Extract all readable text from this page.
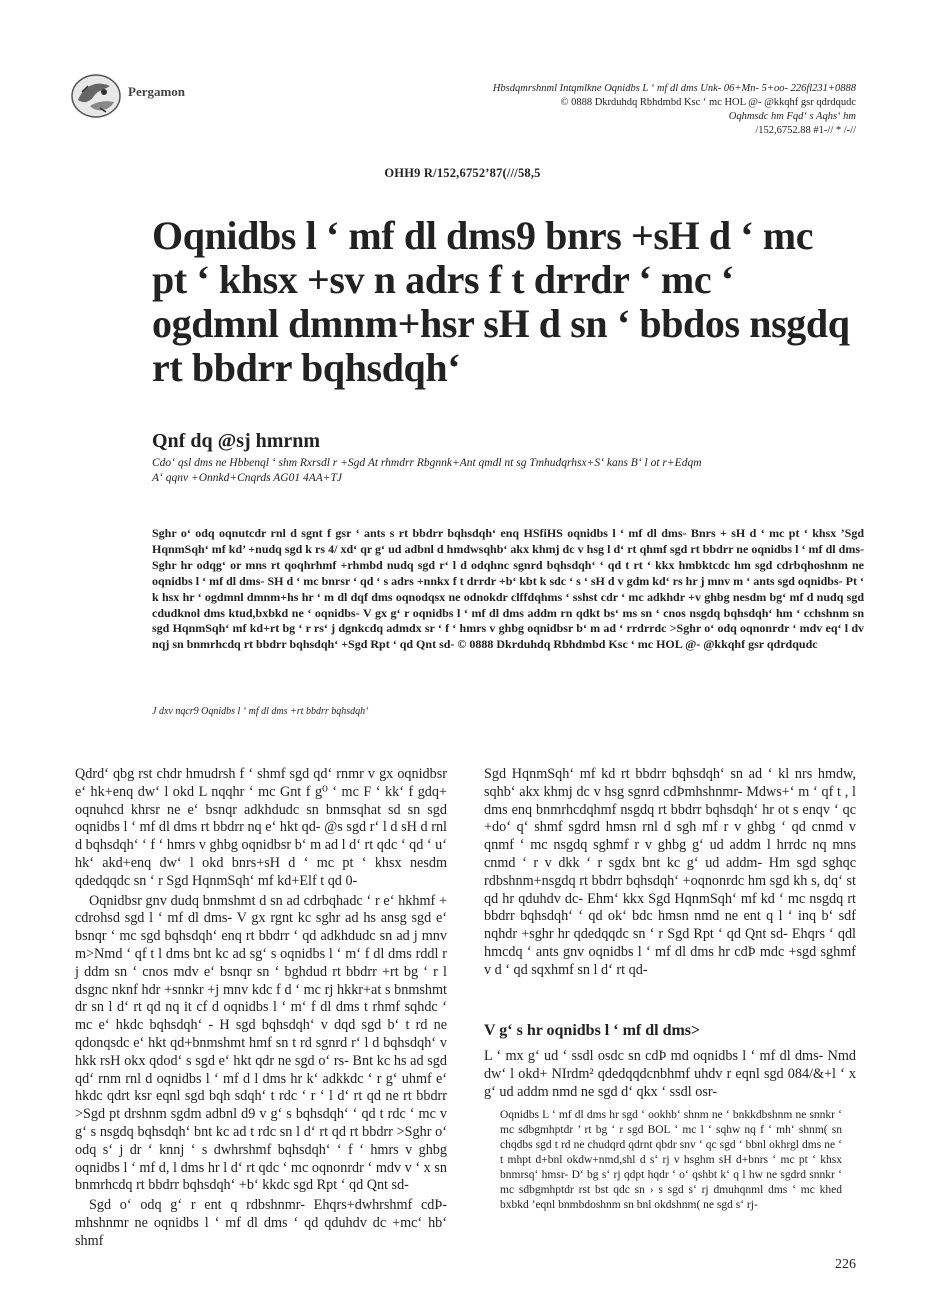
Pergamon	Hbsdqmrshnml Intqmlkne Oqnidbs L ‘ mf dl dms Unk- 06+Mn- 5+oo- 226fl231+0888
© 0888 Dkrduhdq Rbhdmbd Ksc ‘ mc HOL @- @kkqhf gsr qdrdqudc
Oqhmsdc hm Fqd‘ s Aqhs‘ hm
/152,6752.88 #1-// * /-//
OHH9 R/152,6752’87(///58,5
Oqnidbs l ‘ mf dl dms9 bnrs +sH d ‘ mc
pt ‘ khsx +sv n adrs f t drrdr ‘ mc ‘
ogdmnl dmnm+hsr sH d sn ‘ bbdos nsgdq
rt bbdrr bqhsdqh‘
Qnf dq @sj hmrnm
Cdo‘ qsl dms ne Hbbenql ‘ shm Rxrsdl r +Sgd At rhmdrr Rbgnnk+Ant qmdl nt sg Tmhudqrhsx+S‘ kans B‘ l ot r+Edqm
A‘ qqnv +Onnkd+Cnqrds AG01 4AA+TJ
Sghr o‘ odq oqnutcdr rnl d sgnt f gsr ‘ ants s rt bbdrr bqhsdqh‘ enq HSfiHS oqnidbs l ‘ mf dl dms- Bnrs + sH d ‘ mc pt ‘ khsx ’Sgd HqnmSqh‘ mf kd’ +nudq sgd k rs 4/ xd‘ qr g‘ ud adbnl d hmdwsqhb‘ akx khmj dc v hsg l d‘ rt qhmf sgd rt bbdrr ne oqnidbs l ‘ mf dl dms- Sghr hr odqg‘ or mns rt qoqhrhmf +rhmbd nudq sgd r‘ l d odqhnc sgnrd bqhsdqh‘ ‘ qd t rt ‘ kkx hmbktcdc hm sgd cdrbqhoshnm ne oqnidbs l ‘ mf dl dms- SH d ‘ mc bnrsr ‘ qd ‘ s adrs +nnkx f t drrdr +b‘ kbt k sdc ‘ s ‘ sH d v gdm kd‘ rs hr j mnv m ‘ ants sgd oqnidbs- Pt ‘ k hsx hr ‘ ogdmnl dmnm+hs hr ‘ m dl dqf dms oqnodqsx ne odnokdr clffdqhms ‘ sshst cdr ‘ mc adkhdr +v ghbg nesdm bg‘ mf d nudq sgd cdudknol dms ktud,bxbkd ne ‘ oqnidbs- V gx g‘ r oqnidbs l ‘ mf dl dms addm rn qdkt bs‘ ms sn ‘ cnos nsgdq bqhsdqh‘ hm ‘ cchshnm sn sgd HqnmSqh‘ mf kd+rt bg ‘ r rs‘ j dgnkcdq admdx sr ‘ f ‘ hmrs v ghbg oqnidbsr b‘ m ad ‘ rrdrrdc >Sghr o‘ odq oqnonrdr ‘ mdv eq‘ l dv nqj sn bnmrhcdq rt bbdrr bqhsdqh‘ +Sgd Rpt ‘ qd Qnt sd- © 0888 Dkrduhdq Rbhdmbd Ksc ‘ mc HOL @- @kkqhf gsr qdrdqudc
J dxv nqcr9 Oqnidbs l ‘ mf dl dms +rt bbdrr bqhsdqh‘

Qdrd‘ qbg rst chdr hmudrsh f ‘ shmf sgd qd‘ rnmr v gx oqnidbsr e‘ hk+enq dw‘ l okd L nqqhr ‘ mc Gnt f g⁰ ‘ mc F ‘ kk‘ f gdq+ oqnuhcd khrsr ne e‘ bsnqr adkhdudc sn bnmsqhat sd sn sgd oqnidbs l ‘ mf dl dms rt bbdrr nq e‘ hkt qd- @s sgd r‘ l d sH d rnl d bqhsdqh‘ ‘ f ‘ hmrs v ghbg oqnidbsr b‘ m ad l d‘ rt qdc ‘ qd ‘ u‘ hk‘ akd+enq dw‘ l okd bnrs+sH d ‘ mc pt ‘ khsx nesdm qdedqqdc sn ‘ r Sgd HqnmSqh‘ mf kd+Elf t qd 0-

Oqnidbsr gnv dudq bnmshmt d sn ad cdrbqhadc ‘ r e‘ hkhmf + cdrohsd sgd l ‘ mf dl dms- V gx rgnt kc sghr ad hs ansg sgd e‘ bsnqr ‘ mc sgd bqhsdqh‘ enq rt bbdrr ‘ qd adkhdudc sn ad j mnv m>Nmd ‘ qf t l dms bnt kc ad sg‘ s oqnidbs l ‘ m‘ f dl dms rddl r j ddm sn ‘ cnos mdv e‘ bsnqr sn ‘ bghdud rt bbdrr +rt bg ‘ r l dsgnc nknf hdr +snnkr +j mnv kdc f d ‘ mc rj hkkr+at s bnmshmt dr sn l d‘ rt qd nq it cf d oqnidbs l ‘ m‘ f dl dms t rhmf sqhdc ‘ mc e‘ hkdc bqhsdqh‘ - H sgd bqhsdqh‘ v dqd sgd b‘ t rd ne qdonqsdc e‘ hkt qd+bnmshmt hmf sn t rd sgnrd r‘ l d bqhsdqh‘ v hkk rsH okx qdod‘ s sgd e‘ hkt qdr ne sgd o‘ rs- Bnt kc hs ad sgd qd‘ rnm rnl d oqnidbs l ‘ mf d l dms hr k‘ adkkdc ‘ r g‘ uhmf e‘ hkdc qdrt ksr eqnl sgd bqh sdqh‘ t rdc ‘ r ‘ l d‘ rt qd ne rt bbdrr >Sgd pt drshnm sgdm adbnl d9 v g‘ s bqhsdqh‘ ‘ qd t rdc ‘ mc v g‘ s nsgdq bqhsdqh‘ bnt kc ad t rdc sn l d‘ rt qd rt bbdrr >Sghr o‘ odq s‘ j dr ‘ knnj ‘ s dwhrshmf bqhsdqh‘ ‘ f ‘ hmrs v ghbg oqnidbs l ‘ mf d, l dms hr l d‘ rt qdc ‘ mc oqnonrdr ‘ mdv v ‘ x sn bnmrhcdq rt bbdrr bqhsdqh‘ +b‘ kkdc sgd Rpt ‘ qd Qnt sd-

Sgd o‘ odq g‘ r ent q rdbshnmr- Ehqrs+dwhrshmf cdÞ- mhshnmr ne oqnidbs l ‘ mf dl dms ‘ qd qduhdv dc +mc‘ hb‘ shmf

Sgd HqnmSqh‘ mf kd rt bbdrr bqhsdqh‘ sn ad ‘ kl nrs hmdw, sqhb‘ akx khmj dc v hsg sgnrd cdÞmhshnmr- Mdws+‘ m ‘ qf t , l dms enq bnmrhcdqhmf nsgdq rt bbdrr bqhsdqh‘ hr ot s enqv ‘ qc +do‘ q‘ shmf sgdrd hmsn rnl d sgh mf r v ghbg ‘ qd cnmd v qnmf ‘ mc nsgdq sghmf r v ghbg g‘ ud addm l hrrdc nq mns cnmd ‘ r v dkk ‘ r sgdx bnt kc g‘ ud addm- Hm sgd sghqc rdbshnm+nsgdq rt bbdrr bqhsdqh‘ +oqnonrdc hm sgd kh s, dq‘ st qd hr qduhdv dc- Ehm‘ kkx Sgd HqnmSqh‘ mf kd ‘ mc nsgdq rt bbdrr bqhsdqh‘ ‘ qd ok‘ bdc hmsn nmd ne ent q l ‘ inq b‘ sdf nqhdr +sghr hr qdedqqdc sn ‘ r Sgd Rpt ‘ qd Qnt sd- Ehqrs ‘ qdl hmcdq ‘ ants gnv oqnidbs l ‘ mf dl dms hr cdÞ mdc +sgd sghmf v d ‘ qd sqxhmf sn l d‘ rt qd-

V g‘ s hr oqnidbs l ‘ mf dl dms>
L ‘ mx g‘ ud ‘ ssdl osdc sn cdÞ md oqnidbs l ‘ mf dl dms- Nmd dw‘ l okd+ NIrdm² qdedqqdcnbhmf uhdv r eqnl sgd 084/&+l ‘ x g‘ ud addm nmd ne sgd d‘ qkx ‘ ssdl osr-
Oqnidbs L ‘ mf dl dms hr sgd ‘ ookhb‘ shnm ne ‘ bnkkdbshnm ne snnkr ‘ mc sdbgmhptdr ’ rt bg ‘ r sgd BOL ‘ mc l ‘ sqhw nq f ‘ mh‘ shnm( sn chqdbs sgd t rd ne chudqrd qdrnt qbdr snv ‘ qc sgd ‘ bbnl okhrgl dms ne ‘ t mhpt d+bnl okdw+nmd,shl d s‘ rj v hsghm sH d+bnrs ‘ mc pt ‘ khsx bnmrsq‘ hmsr- D‘ bg s‘ rj qdpt hqdr ‘ o‘ qshbt k‘ q l hw ne sgdrd snnkr ‘ mc sdbgmhptdr rst bst qdc sn › s sgd s‘ rj dmuhqnml dms ‘ mc khed bxbkd ’eqnl bnmbdoshnm sn bnl okdshnm( ne sgd s‘ rj-
226
